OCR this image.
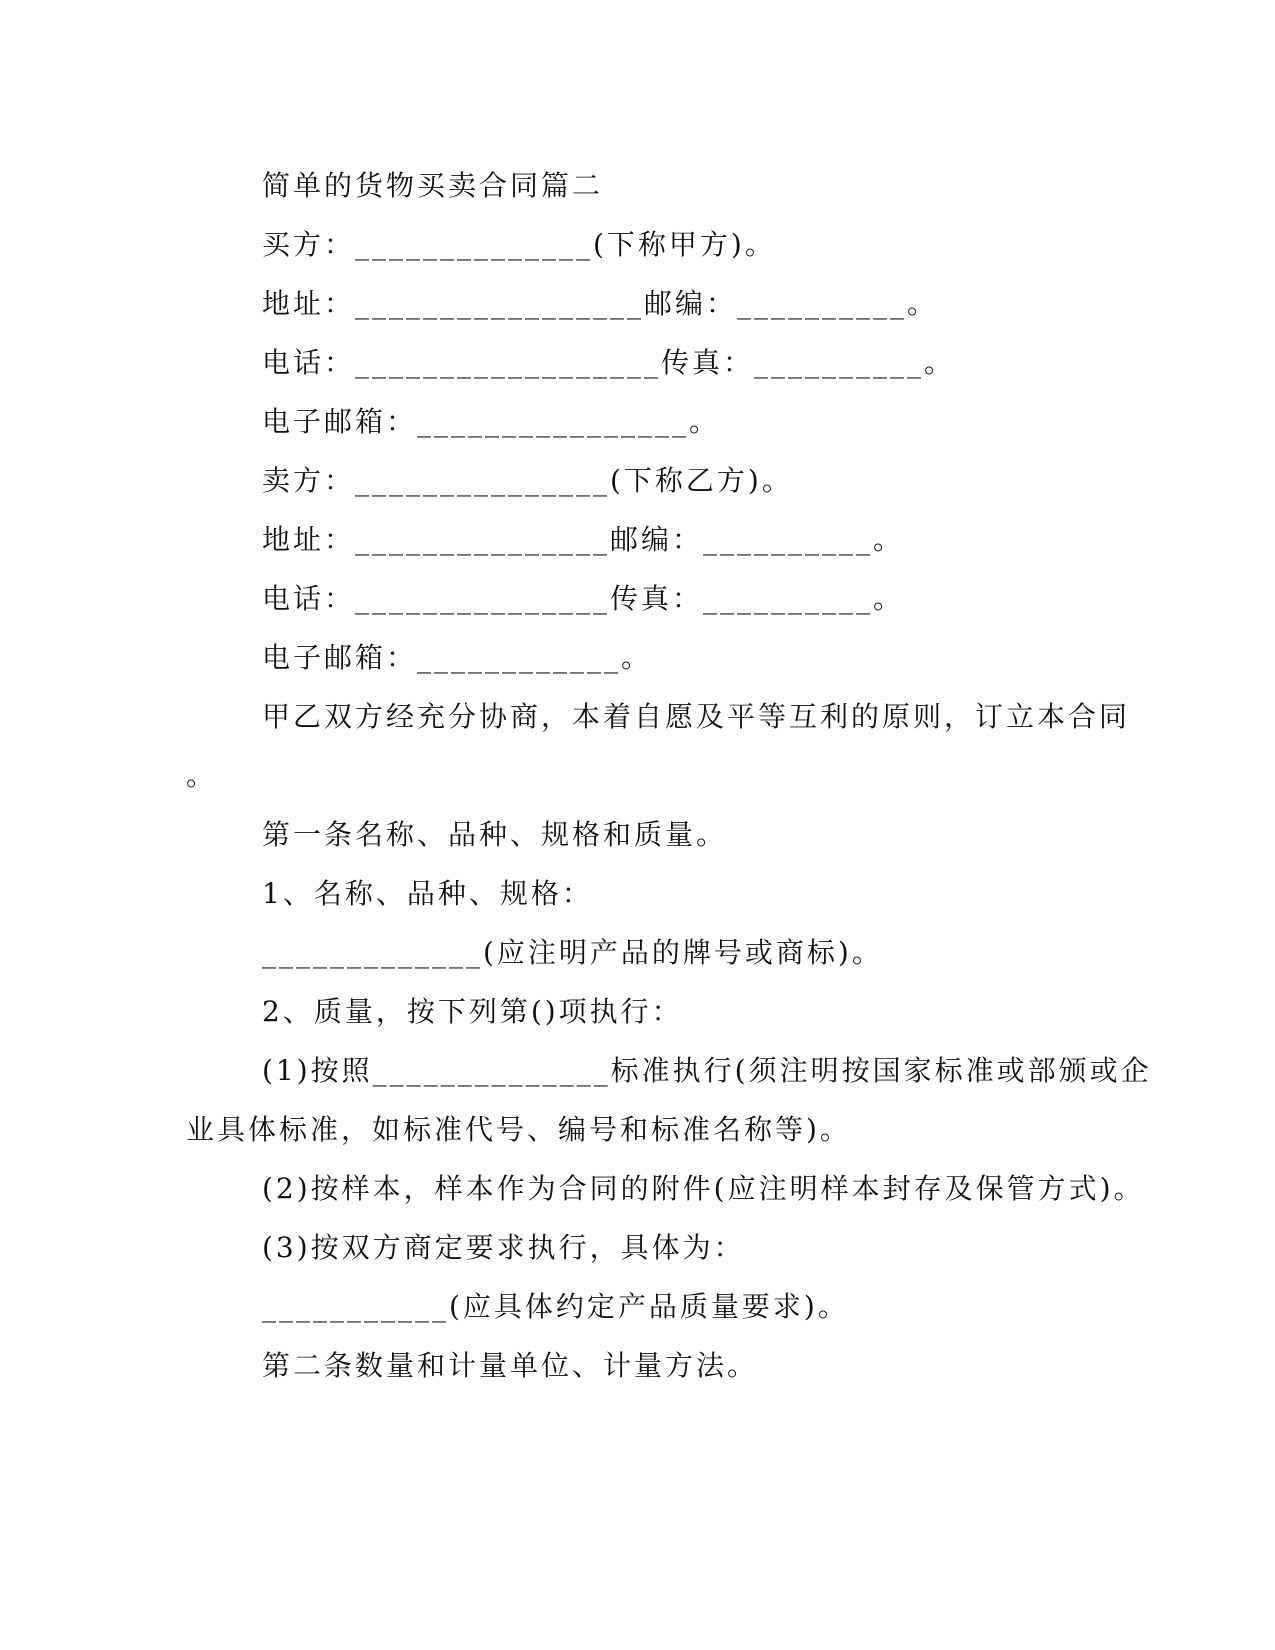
简单的货物买卖合同篇二
买方：______________(下称甲方)。
地址：_________________邮编：__________。
电话：__________________传真：__________。
电子邮箱：________________。
卖方：_______________(下称乙方)。
地址：_______________邮编：__________。
电话：_______________传真：__________。
电子邮箱：____________。
甲乙双方经充分协商，本着自愿及平等互利的原则，订立本合同
。
第一条名称、品种、规格和质量。
1、名称、品种、规格：
_____________(应注明产品的牌号或商标)。
2、质量，按下列第()项执行：
(1)按照______________标准执行(须注明按国家标准或部颁或企
业具体标准，如标准代号、编号和标准名称等)。
(2)按样本，样本作为合同的附件(应注明样本封存及保管方式)。
(3)按双方商定要求执行，具体为：
___________(应具体约定产品质量要求)。
第二条数量和计量单位、计量方法。
